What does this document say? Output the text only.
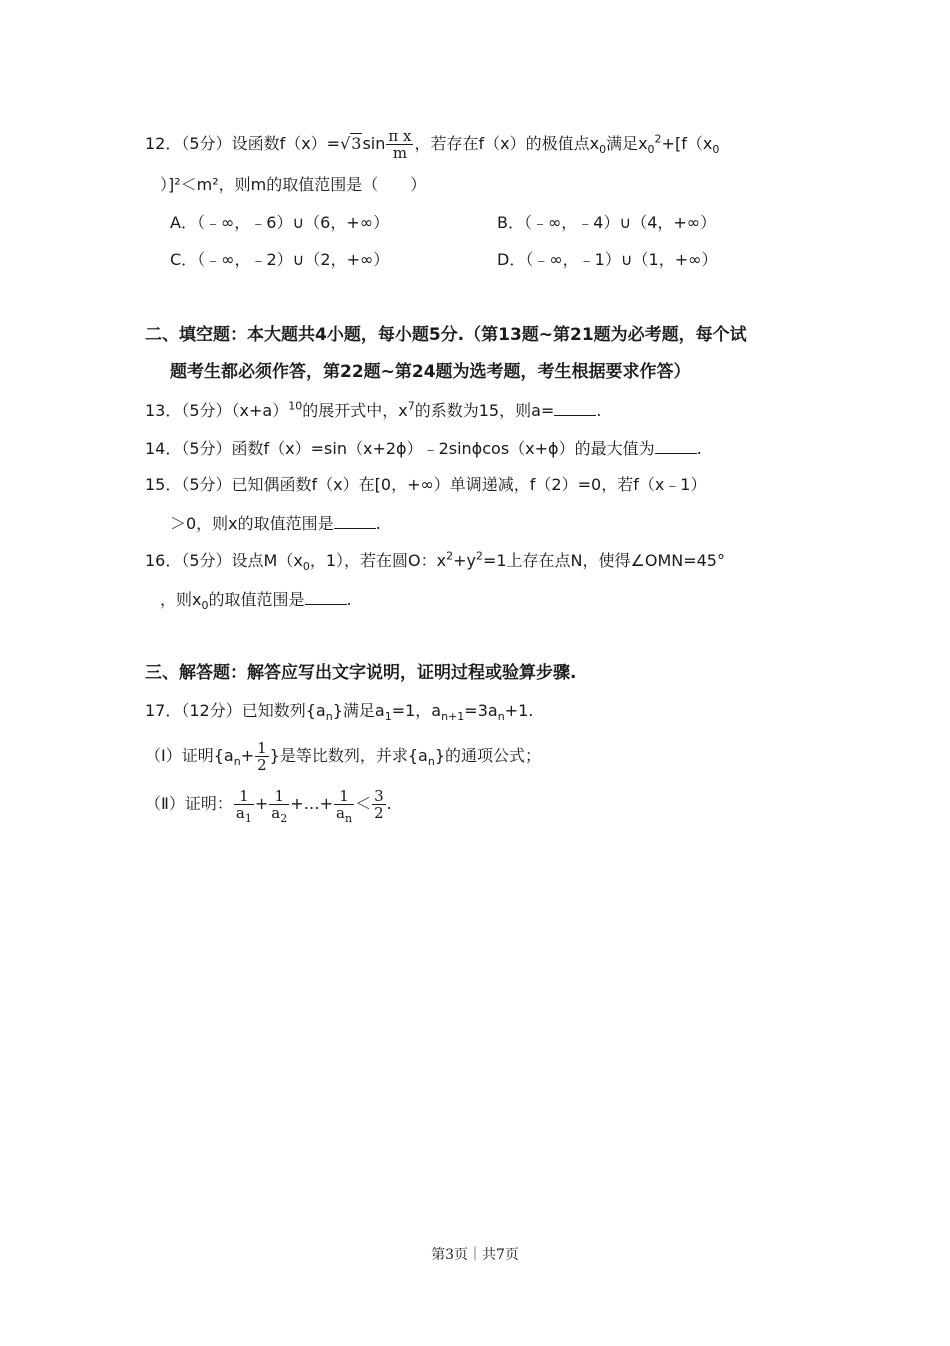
12．（5分）设函数$f(x)=√3\sin \frac{\text{π x}}{m}$ ，若存在f（x）的极值点$x_0$满足$x_0^2+[f(x_0$
）]²＜m²，则m的取值范围是（　　）
A．（﹣∞，﹣6）∪（6，+∞）	B．（﹣∞，﹣4）∪（4，+∞）
C．（﹣∞，﹣2）∪（2，+∞）	D．（﹣∞，﹣1）∪（1，+∞）
二、填空题：本大题共4小题，每小题5分.（第13题~第21题为必考题，每个试
题考生都必须作答，第22题~第24题为选考题，考生根据要求作答）
13．（5分）$(x+a)^{10}$的展开式中，$x^7$的系数为15，则a=	.
14．（5分）函数f（x）=sin（x+2ϕ）﹣2sinϕcos（x+ϕ）的最大值为	.
15．（5分）已知偶函数f（x）在[0，+∞）单调递减，f（2）=0，若f（x﹣1）
＞0，则x的取值范围是	.
16．（5分）设点$M(x_0$，1），若在圆O：$x^2+y^2=1$上存在点N，使得∠OMN=45°
，则$x_0$的取值范围是	.
三、解答题：解答应写出文字说明，证明过程或验算步骤.
17．（12分）已知数列$\{a_n\}$满足$a_1=1$，$a_{n+1}=3a_n+1$.
（Ⅰ）证明{$a_n+ \frac{1}{2}$ }是等比数列，并求$\{a_n\}$的通项公式；
（Ⅱ）证明： $\frac{1}{a_1} + \frac{1}{a_2}$ +…+ $\frac{1}{a_n} < \frac{3}{2}$ .
第3页｜共7页
